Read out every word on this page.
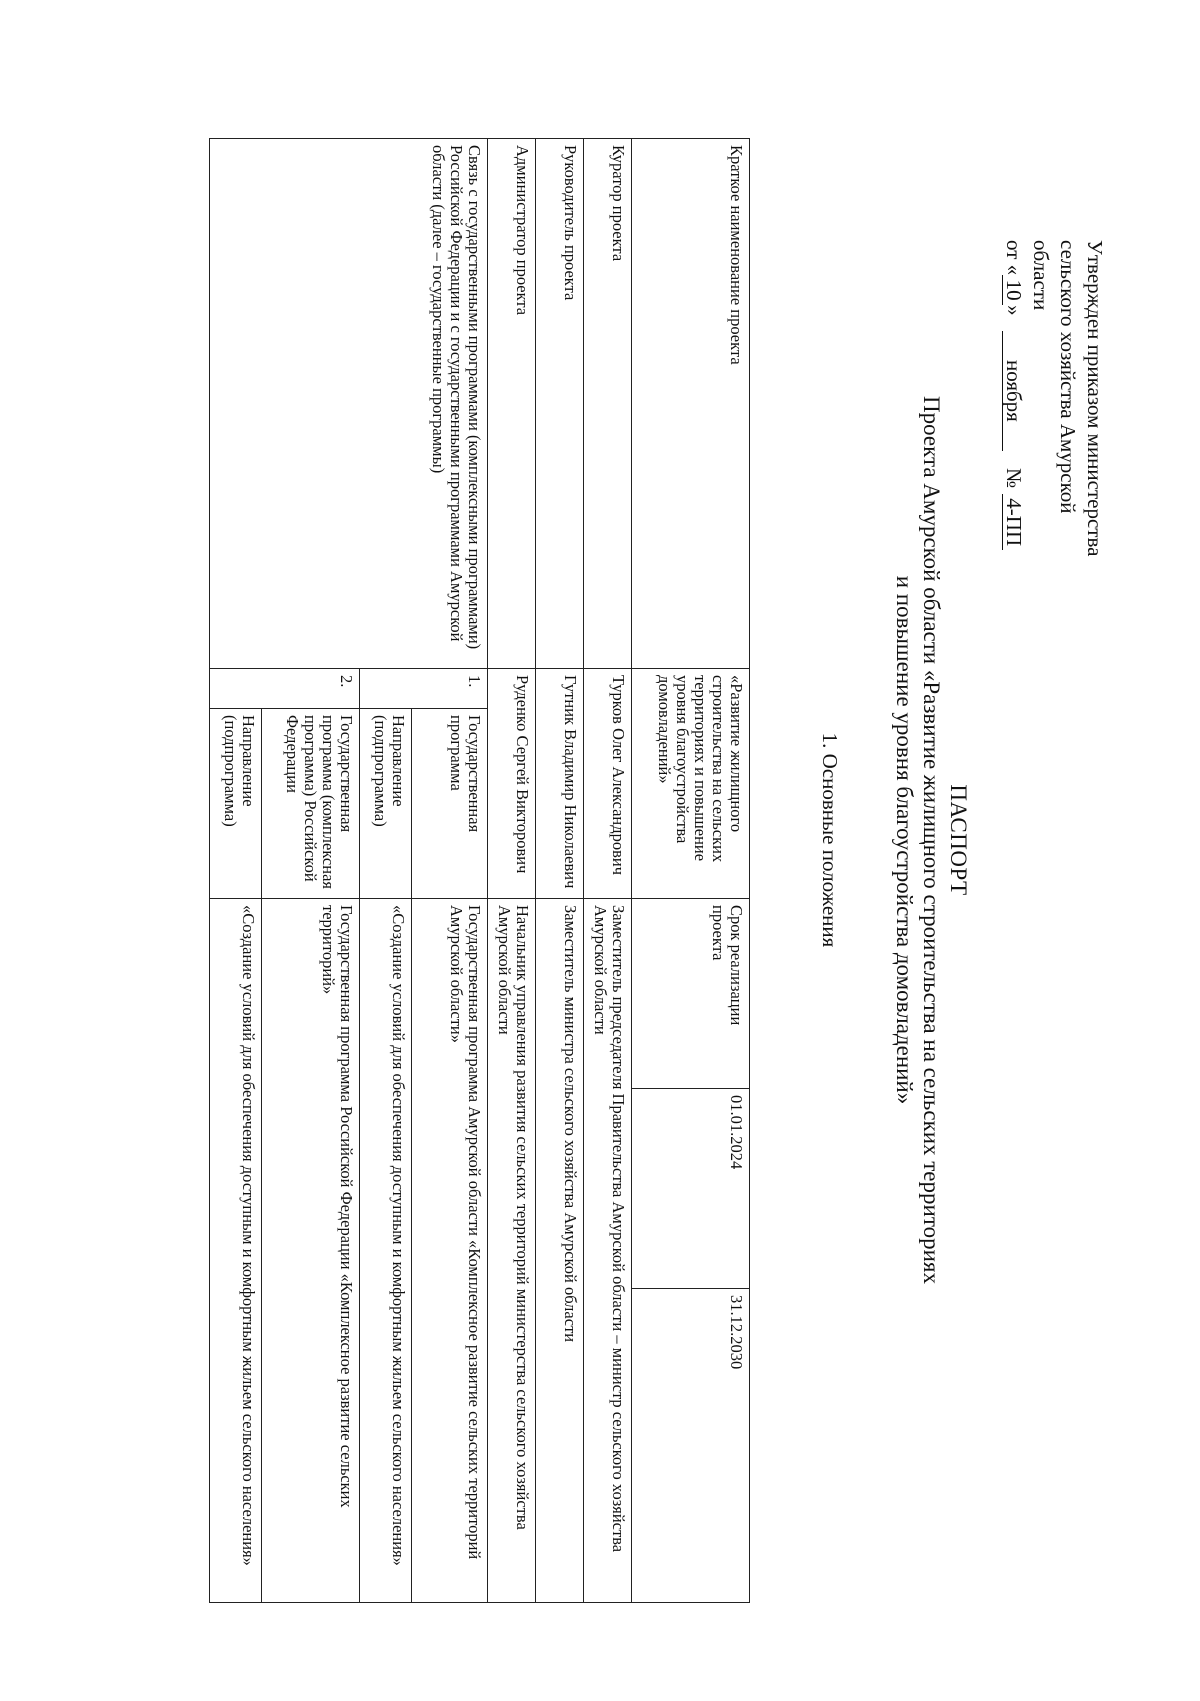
Утвержден приказом министерства
сельского хозяйства Амурской
области
от «10» ноября №4-ПП
ПАСПОРТ
Проекта Амурской области «Развитие жилищного строительства на сельских территориях
и повышение уровня благоустройства домовладений»
1. Основные положения
Краткое наименование проекта	«Развитие жилищного строительства на сельских территориях и повышение уровня благоустройства домовладений»		Срок реализации проекта	01.01.2024	31.12.2030
Куратор проекта	Турков Олег Александрович		Заместитель председателя Правительства Амурской области – министр сельского хозяйства Амурской области		
Руководитель проекта	Гутник Владимир Николаевич		Заместитель министра сельского хозяйства Амурской области		
Администратор проекта	Руденко Сергей Викторович		Начальник управления развития сельских территорий министерства сельского хозяйства Амурской области		
Связь с государственными программами (комплексными программами) Российской Федерации и с государственными программами Амурской области (далее – государственные программы)	1.	Государственная программа	Государственная программа Амурской области «Комплексное развитие сельских территорий Амурской области»		
		Направление (подпрограмма)	«Создание условий для обеспечения доступным и комфортным жильем сельского населения»		
	2.	Государственная программа (комплексная программа) Российской Федерации	Государственная программа Российской Федерации «Комплексное развитие сельских территорий»		
		Направление (подпрограмма)	«Создание условий для обеспечения доступным и комфортным жильем сельского населения»		
